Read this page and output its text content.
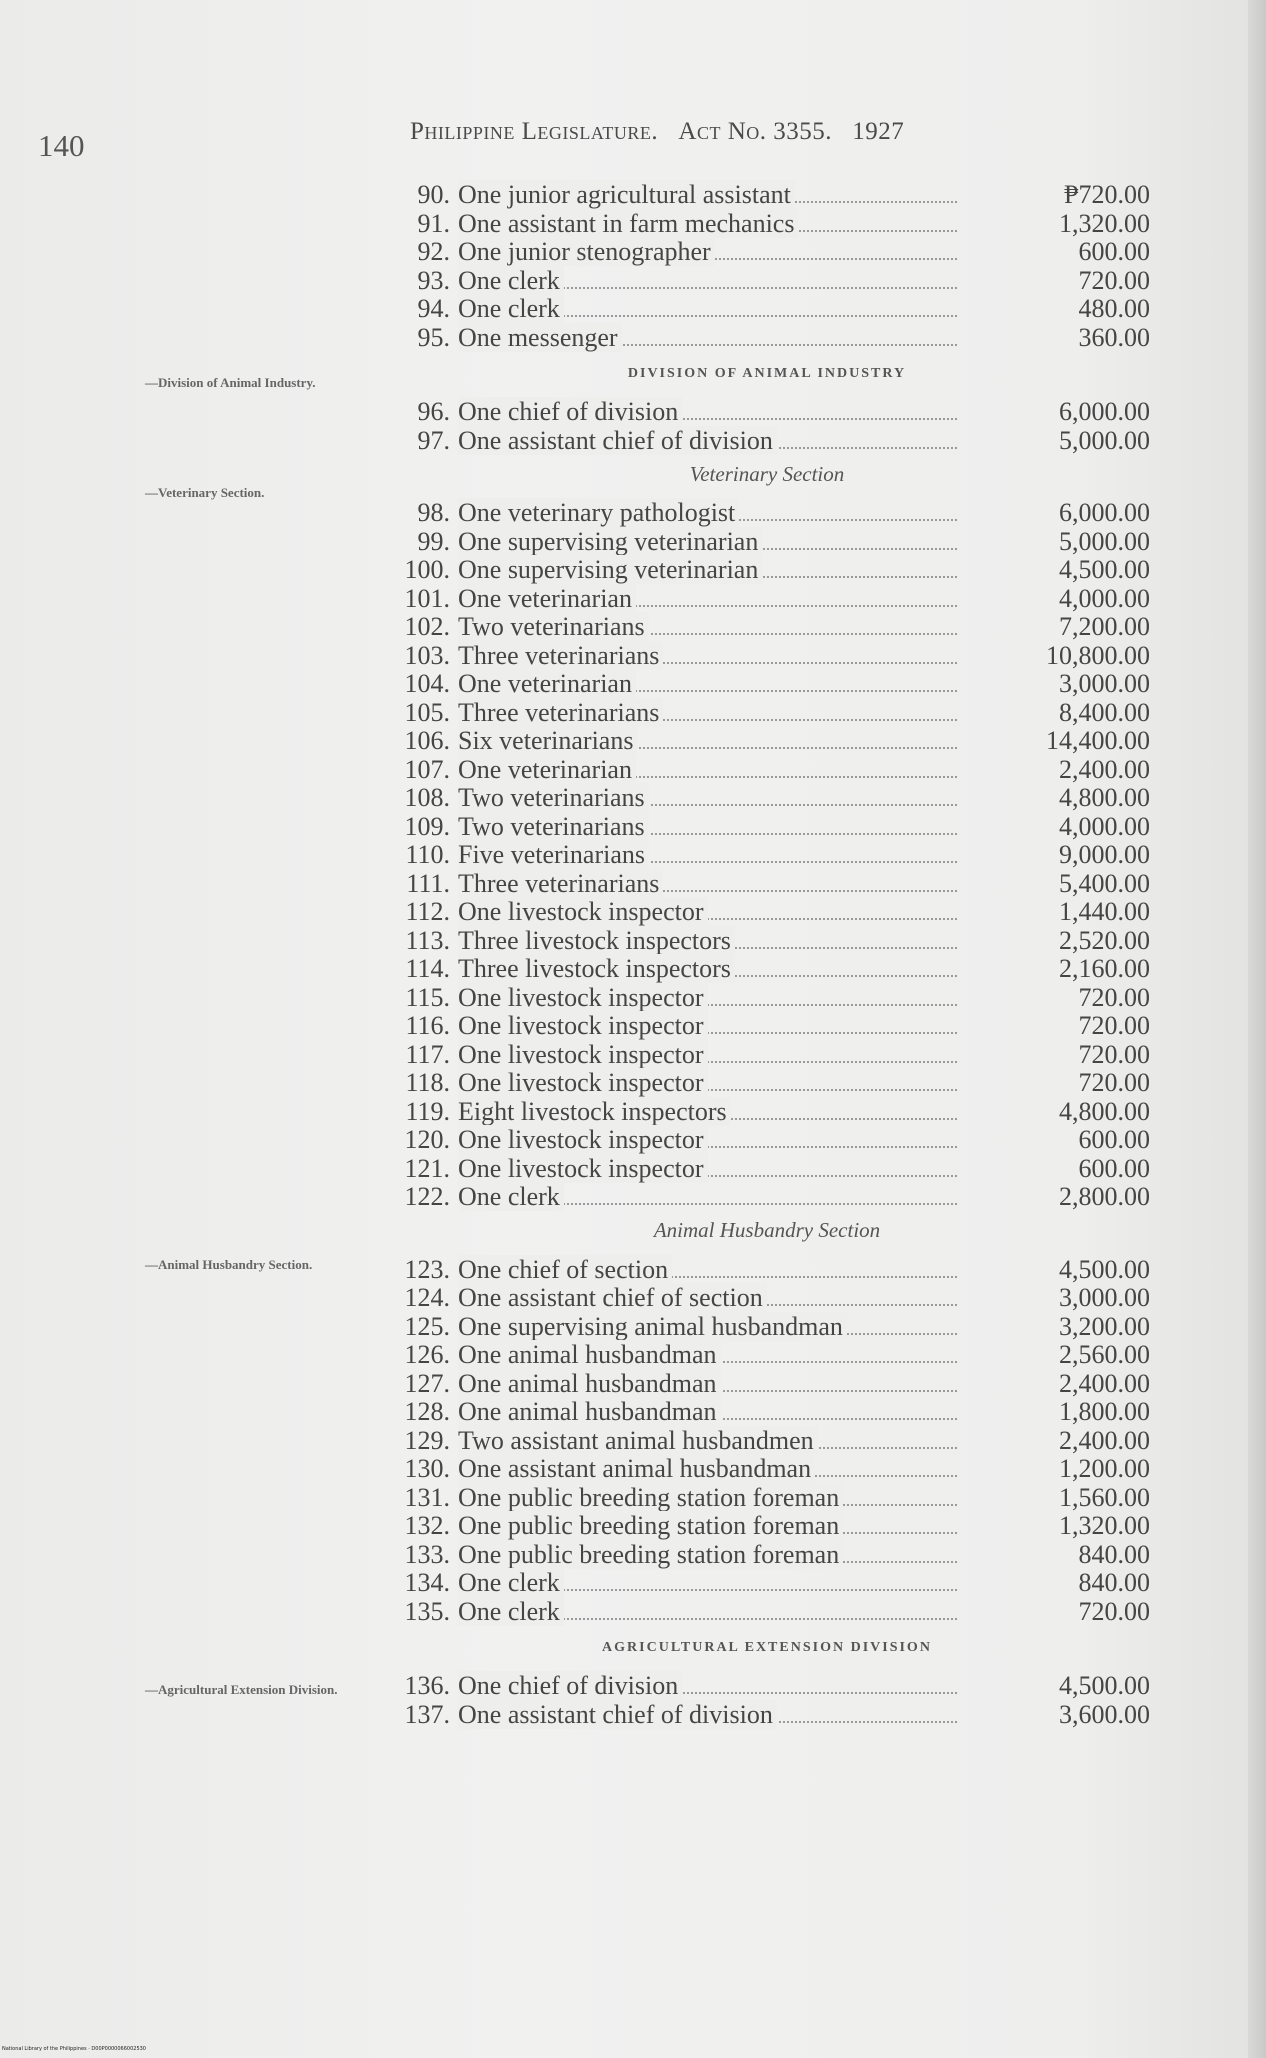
140	Philippine Legislature. Act No. 3355. 1927
—Division of Animal Industry.
—Veterinary Section.
—Animal Husbandry Section.
—Agricultural Extension Division.
90. One junior agricultural assistant	₱720.00
91. One assistant in farm mechanics	1,320.00
92. One junior stenographer	600.00
93. One clerk	720.00
94. One clerk	480.00
95. One messenger	360.00
DIVISION OF ANIMAL INDUSTRY
96. One chief of division	6,000.00
97. One assistant chief of division	5,000.00
Veterinary Section
98. One veterinary pathologist	6,000.00
99. One supervising veterinarian	5,000.00
100. One supervising veterinarian	4,500.00
101. One veterinarian	4,000.00
102. Two veterinarians	7,200.00
103. Three veterinarians	10,800.00
104. One veterinarian	3,000.00
105. Three veterinarians	8,400.00
106. Six veterinarians	14,400.00
107. One veterinarian	2,400.00
108. Two veterinarians	4,800.00
109. Two veterinarians	4,000.00
110. Five veterinarians	9,000.00
111. Three veterinarians	5,400.00
112. One livestock inspector	1,440.00
113. Three livestock inspectors	2,520.00
114. Three livestock inspectors	2,160.00
115. One livestock inspector	720.00
116. One livestock inspector	720.00
117. One livestock inspector	720.00
118. One livestock inspector	720.00
119. Eight livestock inspectors	4,800.00
120. One livestock inspector	600.00
121. One livestock inspector	600.00
122. One clerk	2,800.00
Animal Husbandry Section
123. One chief of section	4,500.00
124. One assistant chief of section	3,000.00
125. One supervising animal husbandman	3,200.00
126. One animal husbandman	2,560.00
127. One animal husbandman	2,400.00
128. One animal husbandman	1,800.00
129. Two assistant animal husbandmen	2,400.00
130. One assistant animal husbandman	1,200.00
131. One public breeding station foreman	1,560.00
132. One public breeding station foreman	1,320.00
133. One public breeding station foreman	840.00
134. One clerk	840.00
135. One clerk	720.00
AGRICULTURAL EXTENSION DIVISION
136. One chief of division	4,500.00
137. One assistant chief of division	3,600.00
National Library of the Philippines · D00P0000066002530
